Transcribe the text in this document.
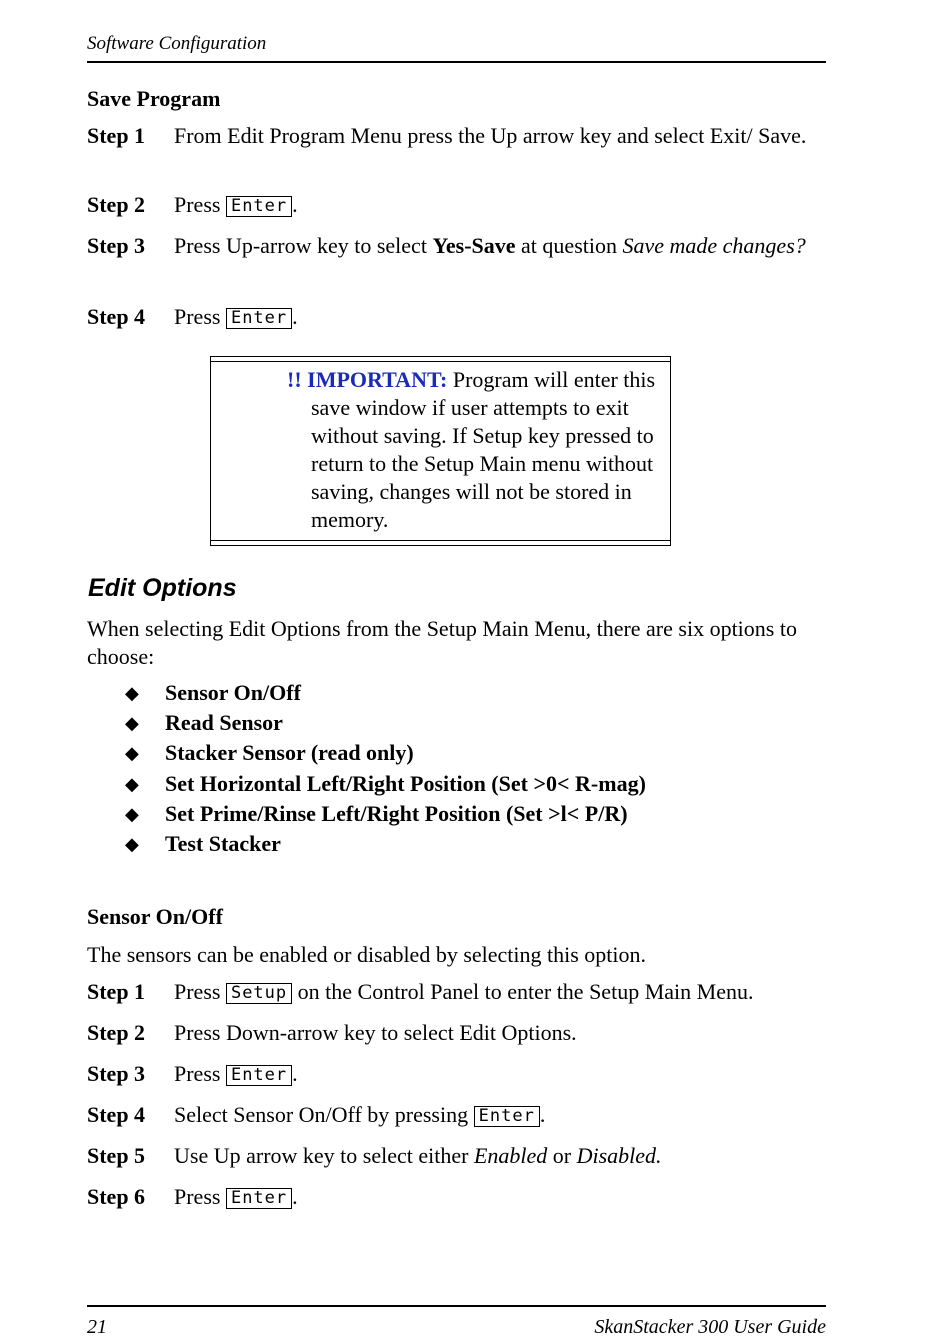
Software Configuration
Save Program
Step 1 From Edit Program Menu press the Up arrow key and select Exit/ Save.
Step 2 Press Enter .
Step 3 Press Up-arrow key to select Yes-Save at question Save made changes?
Step 4 Press Enter .
!! IMPORTANT: Program will enter this save window if user attempts to exit without saving. If Setup key pressed to return to the Setup Main menu without saving, changes will not be stored in memory.
Edit Options
When selecting Edit Options from the Setup Main Menu, there are six options to choose:
◆ Sensor On/Off
◆ Read Sensor
◆ Stacker Sensor (read only)
◆ Set Horizontal Left/Right Position (Set >0< R-mag)
◆ Set Prime/Rinse Left/Right Position (Set >l< P/R)
◆ Test Stacker
Sensor On/Off
The sensors can be enabled or disabled by selecting this option.
Step 1 Press Setup on the Control Panel to enter the Setup Main Menu.
Step 2 Press Down-arrow key to select Edit Options.
Step 3 Press Enter .
Step 4 Select Sensor On/Off by pressing Enter .
Step 5 Use Up arrow key to select either Enabled or Disabled.
Step 6 Press Enter .
21	SkanStacker 300 User Guide
